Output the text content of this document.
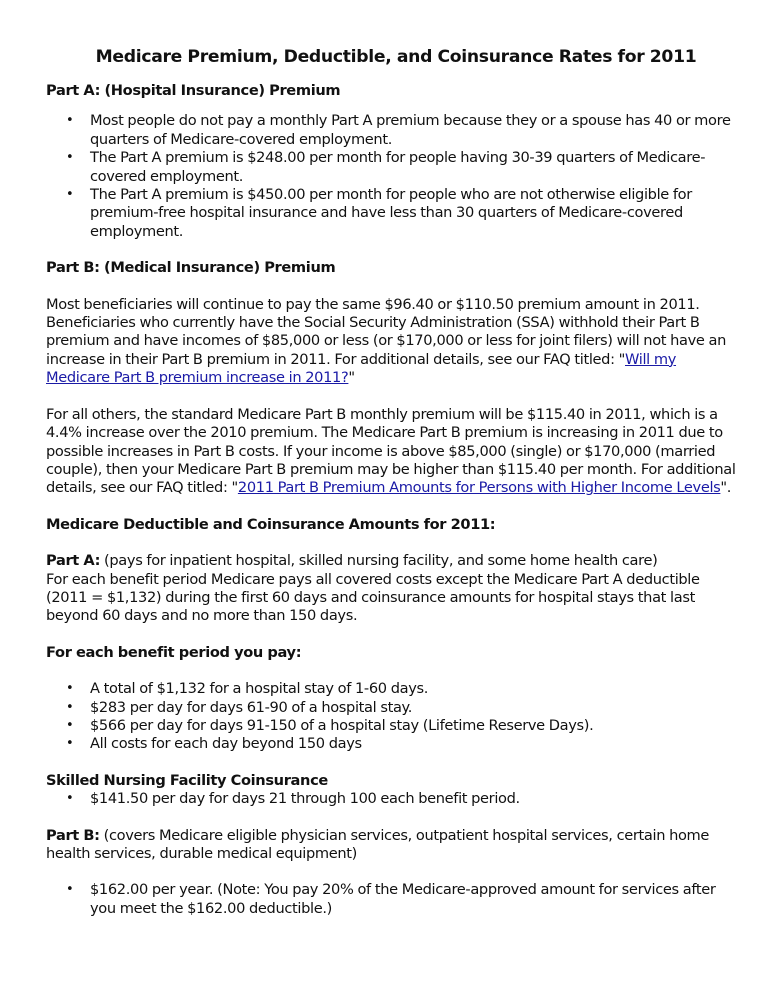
Medicare Premium, Deductible, and Coinsurance Rates for 2011

Part A: (Hospital Insurance) Premium

• Most people do not pay a monthly Part A premium because they or a spouse has 40 or more quarters of Medicare-covered employment.
• The Part A premium is $248.00 per month for people having 30-39 quarters of Medicare-covered employment.
• The Part A premium is $450.00 per month for people who are not otherwise eligible for premium-free hospital insurance and have less than 30 quarters of Medicare-covered employment.

Part B: (Medical Insurance) Premium

Most beneficiaries will continue to pay the same $96.40 or $110.50 premium amount in 2011. Beneficiaries who currently have the Social Security Administration (SSA) withhold their Part B premium and have incomes of $85,000 or less (or $170,000 or less for joint filers) will not have an increase in their Part B premium in 2011. For additional details, see our FAQ titled: "Will my Medicare Part B premium increase in 2011?"

For all others, the standard Medicare Part B monthly premium will be $115.40 in 2011, which is a 4.4% increase over the 2010 premium. The Medicare Part B premium is increasing in 2011 due to possible increases in Part B costs. If your income is above $85,000 (single) or $170,000 (married couple), then your Medicare Part B premium may be higher than $115.40 per month. For additional details, see our FAQ titled: "2011 Part B Premium Amounts for Persons with Higher Income Levels".

Medicare Deductible and Coinsurance Amounts for 2011:

Part A: (pays for inpatient hospital, skilled nursing facility, and some home health care)

For each benefit period Medicare pays all covered costs except the Medicare Part A deductible (2011 = $1,132) during the first 60 days and coinsurance amounts for hospital stays that last beyond 60 days and no more than 150 days.

For each benefit period you pay:

• A total of $1,132 for a hospital stay of 1-60 days.
• $283 per day for days 61-90 of a hospital stay.
• $566 per day for days 91-150 of a hospital stay (Lifetime Reserve Days).
• All costs for each day beyond 150 days

Skilled Nursing Facility Coinsurance

• $141.50 per day for days 21 through 100 each benefit period.

Part B: (covers Medicare eligible physician services, outpatient hospital services, certain home health services, durable medical equipment)

• $162.00 per year. (Note: You pay 20% of the Medicare-approved amount for services after you meet the $162.00 deductible.)
